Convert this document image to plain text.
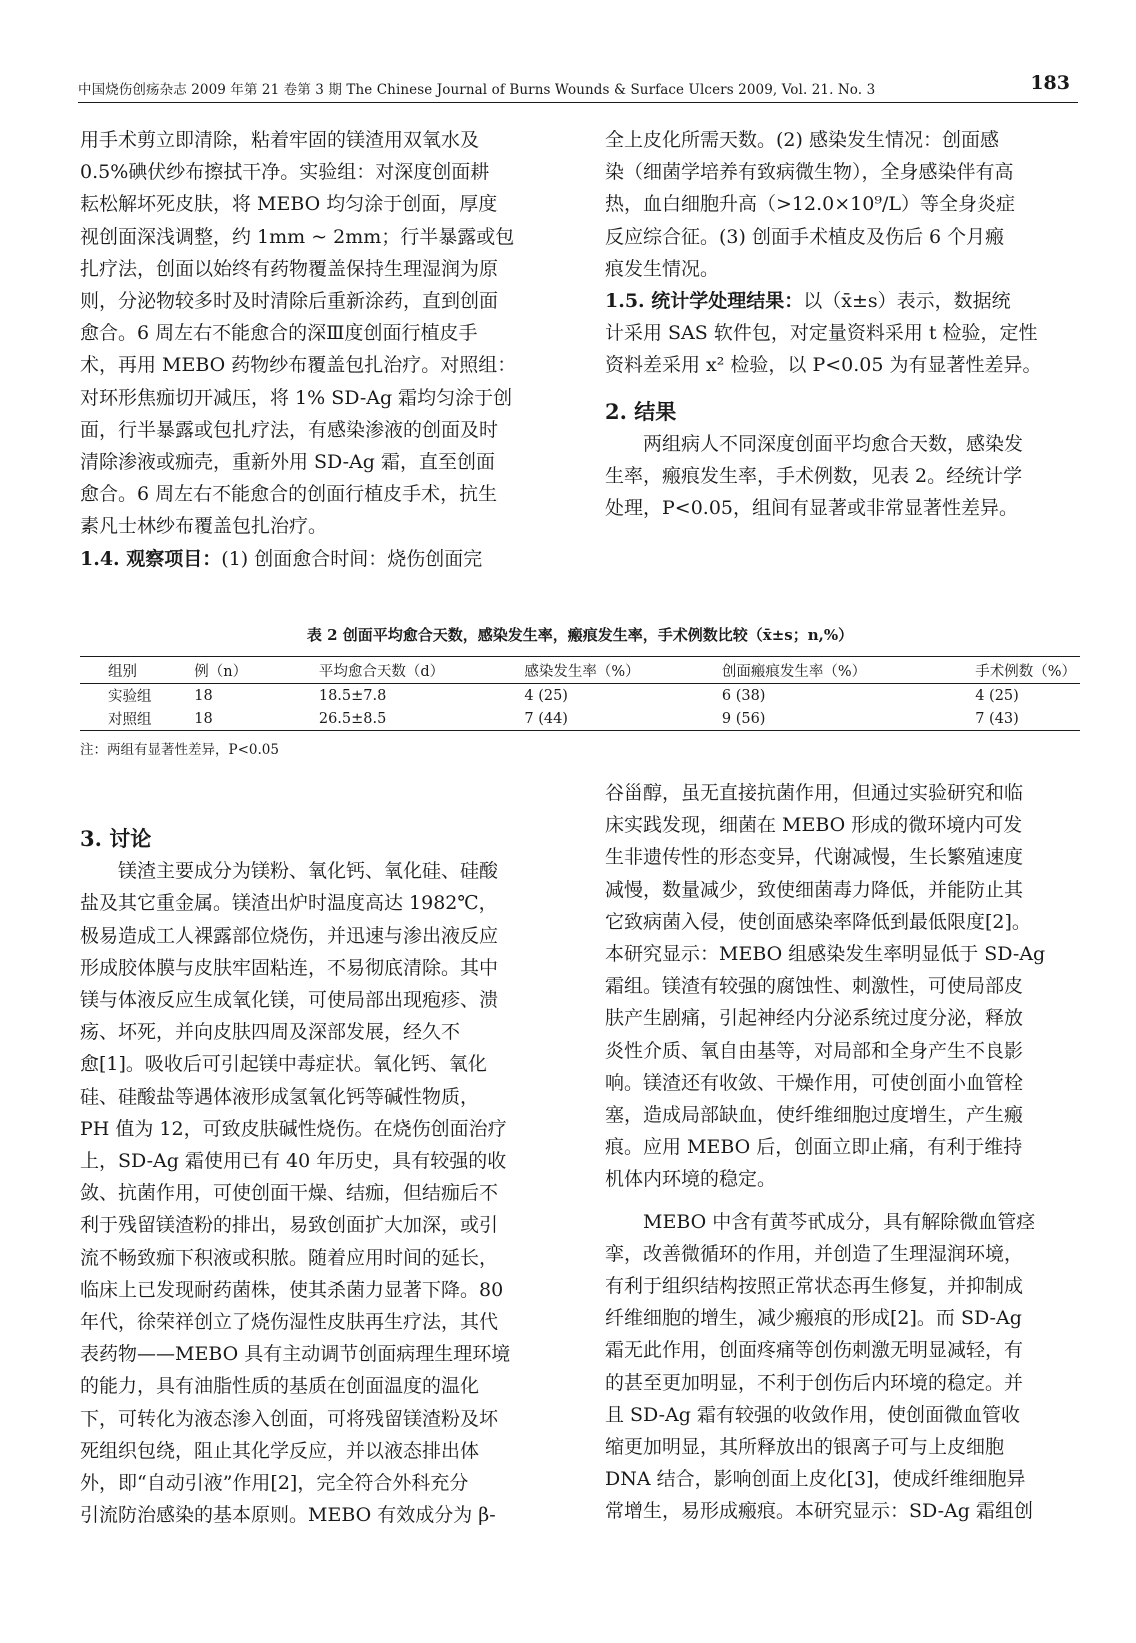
中国烧伤创疡杂志 2009 年第 21 卷第 3 期 The Chinese Journal of Burns Wounds & Surface Ulcers 2009, Vol. 21. No. 3	183

用手术剪立即清除，粘着牢固的镁渣用双氧水及

0.5%碘伏纱布擦拭干净。实验组：对深度创面耕

耘松解坏死皮肤，将 MEBO 均匀涂于创面，厚度

视创面深浅调整，约 1mm ~ 2mm；行半暴露或包

扎疗法，创面以始终有药物覆盖保持生理湿润为原

则，分泌物较多时及时清除后重新涂药，直到创面

愈合。6 周左右不能愈合的深Ⅲ度创面行植皮手

术，再用 MEBO 药物纱布覆盖包扎治疗。对照组：

对环形焦痂切开减压，将 1% SD-Ag 霜均匀涂于创

面，行半暴露或包扎疗法，有感染渗液的创面及时

清除渗液或痂壳，重新外用 SD-Ag 霜，直至创面

愈合。6 周左右不能愈合的创面行植皮手术，抗生

素凡士林纱布覆盖包扎治疗。

1.4. 观察项目：(1) 创面愈合时间：烧伤创面完

全上皮化所需天数。(2) 感染发生情况：创面感

染（细菌学培养有致病微生物），全身感染伴有高

热，血白细胞升高（>12.0×10⁹/L）等全身炎症

反应综合征。(3) 创面手术植皮及伤后 6 个月瘢

痕发生情况。

1.5. 统计学处理结果：以（x̄±s）表示，数据统

计采用 SAS 软件包，对定量资料采用 t 检验，定性

资料差采用 x² 检验，以 P<0.05 为有显著性差异。

2. 结果

两组病人不同深度创面平均愈合天数，感染发

生率，瘢痕发生率，手术例数，见表 2。经统计学

处理，P<0.05，组间有显著或非常显著性差异。

表 2 创面平均愈合天数，感染发生率，瘢痕发生率，手术例数比较（x̄±s；n,%）
组别	例（n）	平均愈合天数（d）	感染发生率（%）	创面瘢痕发生率（%）	手术例数（%）
实验组	18	18.5±7.8	4 (25)	6 (38)	4 (25)
对照组	18	26.5±8.5	7 (44)	9 (56)	7 (43)
注：两组有显著性差异，P<0.05

3. 讨论

镁渣主要成分为镁粉、氧化钙、氧化硅、硅酸

盐及其它重金属。镁渣出炉时温度高达 1982℃，

极易造成工人裸露部位烧伤，并迅速与渗出液反应

形成胶体膜与皮肤牢固粘连，不易彻底清除。其中

镁与体液反应生成氧化镁，可使局部出现疱疹、溃

疡、坏死，并向皮肤四周及深部发展，经久不

愈[1]。吸收后可引起镁中毒症状。氧化钙、氧化

硅、硅酸盐等遇体液形成氢氧化钙等碱性物质，

PH 值为 12，可致皮肤碱性烧伤。在烧伤创面治疗

上，SD-Ag 霜使用已有 40 年历史，具有较强的收

敛、抗菌作用，可使创面干燥、结痂，但结痂后不

利于残留镁渣粉的排出，易致创面扩大加深，或引

流不畅致痂下积液或积脓。随着应用时间的延长，

临床上已发现耐药菌株，使其杀菌力显著下降。80

年代，徐荣祥创立了烧伤湿性皮肤再生疗法，其代

表药物——MEBO 具有主动调节创面病理生理环境

的能力，具有油脂性质的基质在创面温度的温化

下，可转化为液态渗入创面，可将残留镁渣粉及坏

死组织包绕，阻止其化学反应，并以液态排出体

外，即“自动引液”作用[2]，完全符合外科充分

引流防治感染的基本原则。MEBO 有效成分为 β-

谷甾醇，虽无直接抗菌作用，但通过实验研究和临

床实践发现，细菌在 MEBO 形成的微环境内可发

生非遗传性的形态变异，代谢减慢，生长繁殖速度

减慢，数量减少，致使细菌毒力降低，并能防止其

它致病菌入侵，使创面感染率降低到最低限度[2]。

本研究显示：MEBO 组感染发生率明显低于 SD-Ag

霜组。镁渣有较强的腐蚀性、刺激性，可使局部皮

肤产生剧痛，引起神经内分泌系统过度分泌，释放

炎性介质、氧自由基等，对局部和全身产生不良影

响。镁渣还有收敛、干燥作用，可使创面小血管栓

塞，造成局部缺血，使纤维细胞过度增生，产生瘢

痕。应用 MEBO 后，创面立即止痛，有利于维持

机体内环境的稳定。

MEBO 中含有黄芩甙成分，具有解除微血管痉

挛，改善微循环的作用，并创造了生理湿润环境，

有利于组织结构按照正常状态再生修复，并抑制成

纤维细胞的增生，减少瘢痕的形成[2]。而 SD-Ag

霜无此作用，创面疼痛等创伤刺激无明显减轻，有

的甚至更加明显，不利于创伤后内环境的稳定。并

且 SD-Ag 霜有较强的收敛作用，使创面微血管收

缩更加明显，其所释放出的银离子可与上皮细胞

DNA 结合，影响创面上皮化[3]，使成纤维细胞异

常增生，易形成瘢痕。本研究显示：SD-Ag 霜组创
